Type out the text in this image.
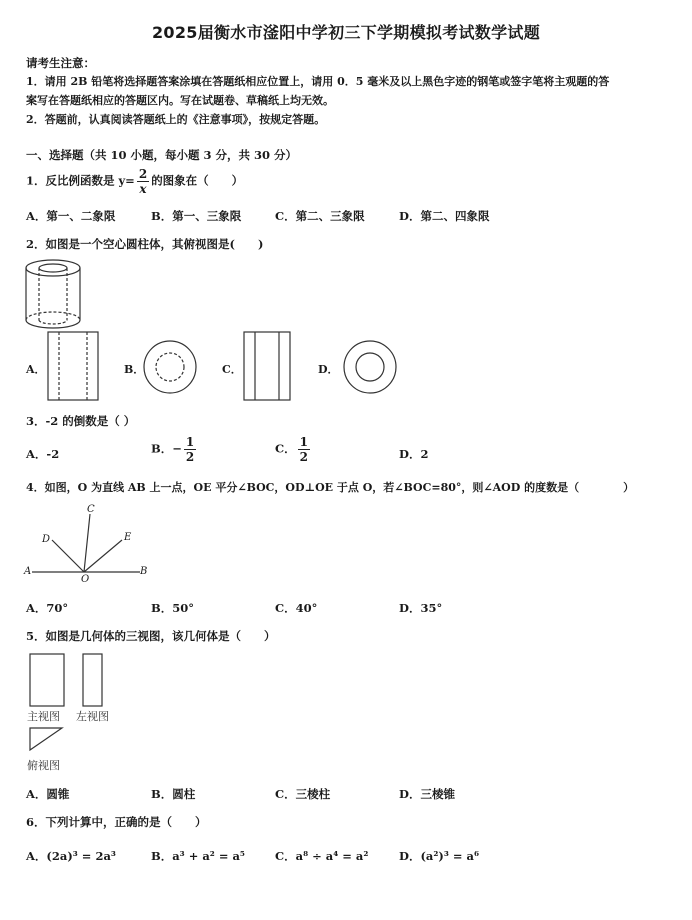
2025届衡水市滏阳中学初三下学期模拟考试数学试题
请考生注意：
1．请用 2B 铅笔将选择题答案涂填在答题纸相应位置上，请用 0．5 毫米及以上黑色字迹的钢笔或签字笔将主观题的答
案写在答题纸相应的答题区内。写在试题卷、草稿纸上均无效。
2．答题前，认真阅读答题纸上的《注意事项》，按规定答题。
一、选择题（共 10 小题，每小题 3 分，共 30 分）
1．反比例函数是 $y= \frac{2}{x}$ 的图象在（　　）
A．第一、二象限	B．第一、三象限	C．第二、三象限	D．第二、四象限
2．如图是一个空心圆柱体，其俯视图是(　　)
A．	B．	C．	D．
3．-2 的倒数是（ ）
A．-2	B．− $\frac{1}{2}$	C． $\frac{1}{2}$	D．2
4．如图，O 为直线 AB 上一点，OE 平分∠BOC，OD⊥OE 于点 O，若∠BOC=80°，则∠AOD 的度数是（　　　　）
C
D	E
A
O
B
A．70°	B．50°	C．40°	D．35°
5．如图是几何体的三视图，该几何体是（　　）
主视图 左视图
俯视图
A．圆锥	B．圆柱	C．三棱柱	D．三棱锥
6．下列计算中，正确的是（　　）
A．(2a)³ = 2a³	B．a³ + a² = a⁵	C．a⁸ ÷ a⁴ = a²	D．(a²)³ = a⁶
